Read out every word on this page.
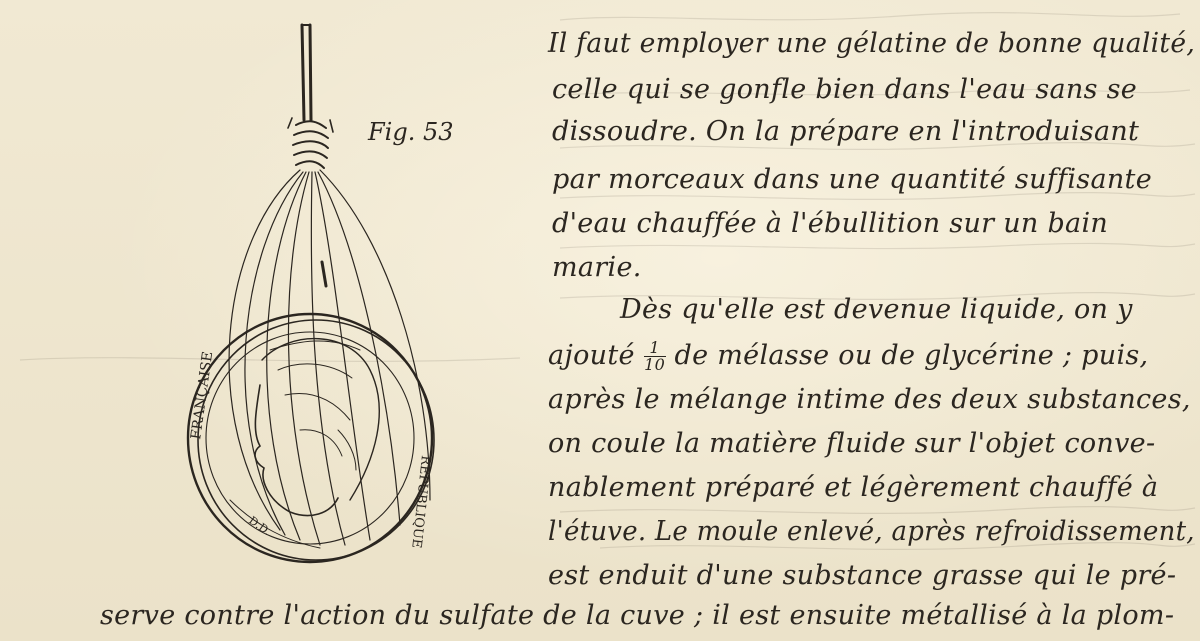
FRANÇAISE
REPUBLIQUE
D.D.
Fig. 53
Il faut employer une gélatine de bonne qualité,
celle qui se gonfle bien dans l'eau sans se
dissoudre. On la prépare en l'introduisant
par morceaux dans une quantité suffisante
d'eau chauffée à l'ébullition sur un bain
marie.
Dès qu'elle est devenue liquide, on y
ajouté $\frac{1}{10}$ de mélasse ou de glycérine ; puis,
après le mélange intime des deux substances,
on coule la matière fluide sur l'objet conve-
nablement préparé et légèrement chauffé à
l'étuve. Le moule enlevé, après refroidissement,
est enduit d'une substance grasse qui le pré-
serve contre l'action du sulfate de la cuve ; il est ensuite métallisé à la plom-
